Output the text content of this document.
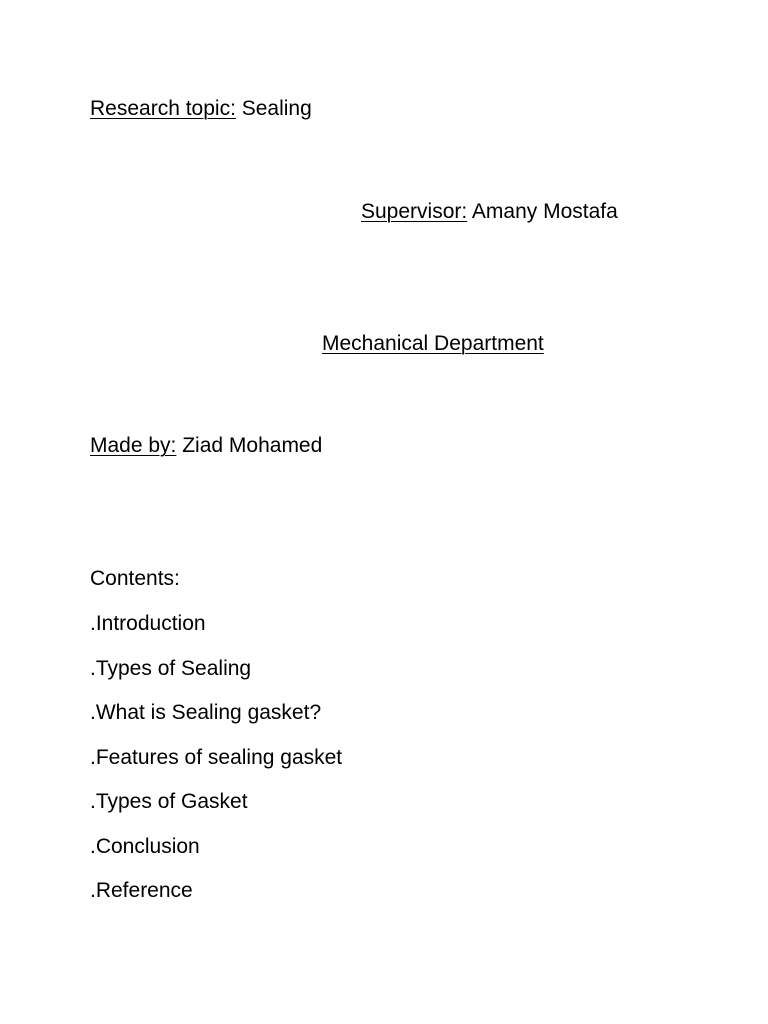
Research topic: Sealing
Supervisor: Amany Mostafa
Mechanical Department
Made by: Ziad Mohamed
Contents:
.Introduction
.Types of Sealing
.What is Sealing gasket?
.Features of sealing gasket
.Types of Gasket
.Conclusion
.Reference
